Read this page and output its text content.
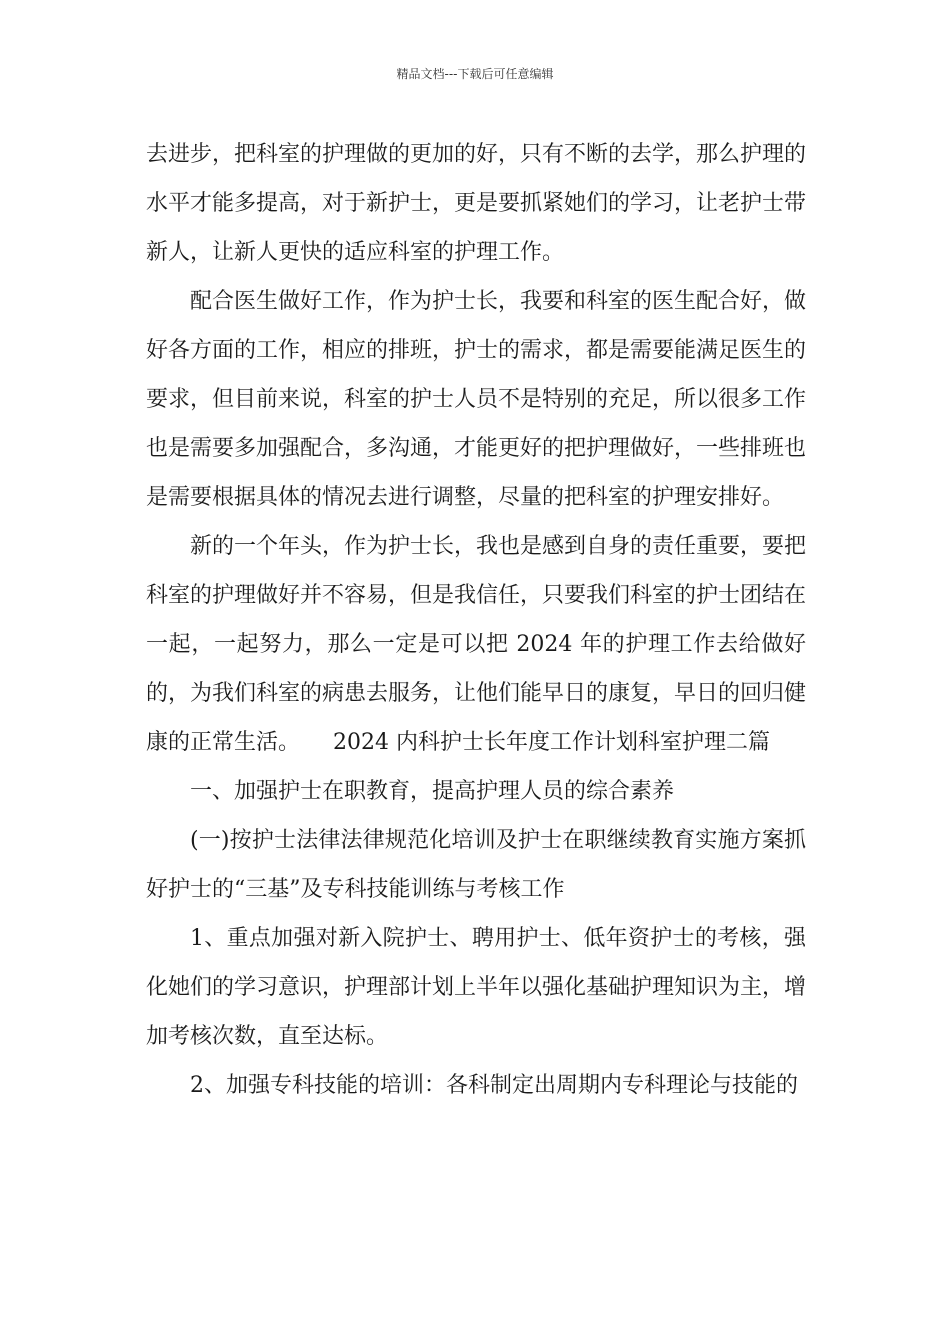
精品文档---下载后可任意编辑

去进步，把科室的护理做的更加的好，只有不断的去学，那么护理的水平才能多提高，对于新护士，更是要抓紧她们的学习，让老护士带新人，让新人更快的适应科室的护理工作。

配合医生做好工作，作为护士长，我要和科室的医生配合好，做好各方面的工作，相应的排班，护士的需求，都是需要能满足医生的要求，但目前来说，科室的护士人员不是特别的充足，所以很多工作也是需要多加强配合，多沟通，才能更好的把护理做好，一些排班也是需要根据具体的情况去进行调整，尽量的把科室的护理安排好。

新的一个年头，作为护士长，我也是感到自身的责任重要，要把科室的护理做好并不容易，但是我信任，只要我们科室的护士团结在一起，一起努力，那么一定是可以把 2024 年的护理工作去给做好的，为我们科室的病患去服务，让他们能早日的康复，早日的回归健康的正常生活。　　2024 内科护士长年度工作计划科室护理二篇

一、加强护士在职教育，提高护理人员的综合素养

(一)按护士法律法律规范化培训及护士在职继续教育实施方案抓好护士的“三基”及专科技能训练与考核工作

1、重点加强对新入院护士、聘用护士、低年资护士的考核，强化她们的学习意识，护理部计划上半年以强化基础护理知识为主，增加考核次数，直至达标。

2、加强专科技能的培训：各科制定出周期内专科理论与技能的
